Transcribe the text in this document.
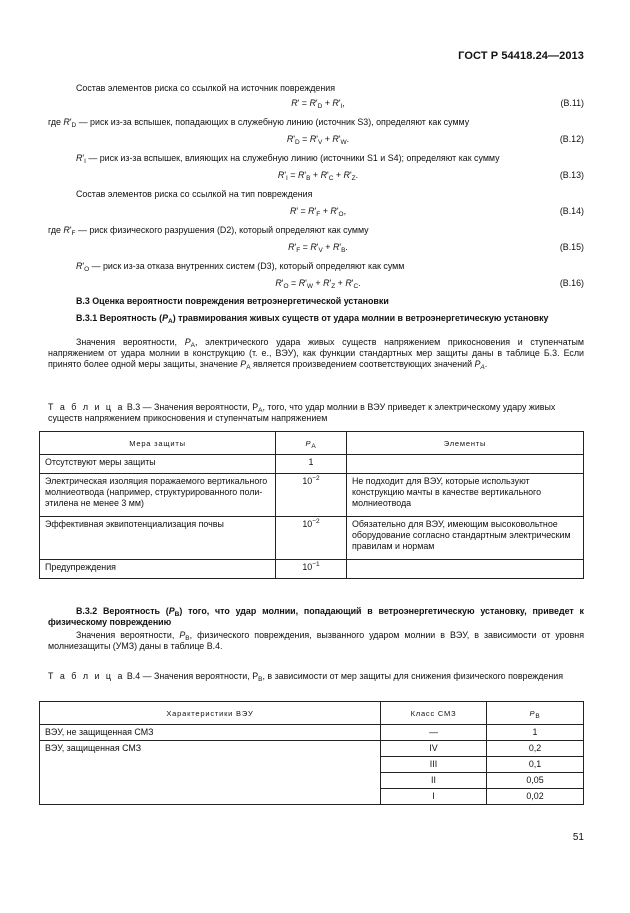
ГОСТ Р 54418.24—2013
Состав элементов риска со ссылкой на источник повреждения
$R' = R'_D + R'_I$,	(B.11)
где $R'_D$ — риск из-за вспышек, попадающих в служебную линию (источник S3), определяют как сумму
$R'_D = R'_V + R'_W$.	(B.12)
$R'_I$ — риск из-за вспышек, влияющих на служебную линию (источники S1 и S4); определяют как сумму
$R'_I = R'_B + R'_C + R'_Z$.	(B.13)
Состав элементов риска со ссылкой на тип повреждения
$R' = R'_F + R'_O$,	(B.14)
где $R'_F$ — риск физического разрушения (D2), который определяют как сумму
$R'_F = R'_V + R'_B$.	(B.15)
$R'_O$ — риск из-за отказа внутренних систем (D3), который определяют как сумм
$R'_O = R'_W + R'_Z + R'_C$.	(B.16)
В.3 Оценка вероятности повреждения ветроэнергетической установки
В.3.1 Вероятность $(P_A)$ травмирования живых существ от удара молнии в ветроэнергетическую установку
Значения вероятности, $P_A$, электрического удара живых существ напряжением прикосновения и ступенчатым напряжением от удара молнии в конструкцию (т. е., ВЭУ), как функции стандартных мер защиты даны в таблице Б.3. Если принято более одной меры защиты, значение $P_A$ является произведением соответствующих значений $P_A$.
Т а б л и ц а В.3 — Значения вероятности, $P_A$, того, что удар молнии в ВЭУ приведет к электрическому удару живых существ напряжением прикосновения и ступенчатым напряжением
Мера защиты	$P_A$	Элементы
Отсутствуют меры защиты	1	
Электрическая изоляция поражаемого вертикального молниеотвода (например, структурированного поли-этилена не менее 3 мм)	$10^{-2}$	Не подходит для ВЭУ, которые используют конструкцию мачты в качестве вертикального молниеотвода
Эффективная эквипотенциализация почвы	$10^{-2}$	Обязательно для ВЭУ, имеющим высоковольтное оборудование согласно стандартным электрическим правилам и нормам
Предупреждения	$10^{-1}$	
В.3.2 Вероятность $(P_B)$ того, что удар молнии, попадающий в ветроэнергетическую установку, приведет к физическому повреждению
Значения вероятности, $P_B$, физического повреждения, вызванного ударом молнии в ВЭУ, в зависимости от уровня молниезащиты (УМЗ) даны в таблице В.4.
Т а б л и ц а В.4 — Значения вероятности, $P_B$, в зависимости от мер защиты для снижения физического повреждения
Характеристики ВЭУ	Класс СМЗ	$P_B$
ВЭУ, не защищенная СМЗ	—	1
ВЭУ, защищенная СМЗ	IV	0,2
	III	0,1
	II	0,05
	I	0,02
51
